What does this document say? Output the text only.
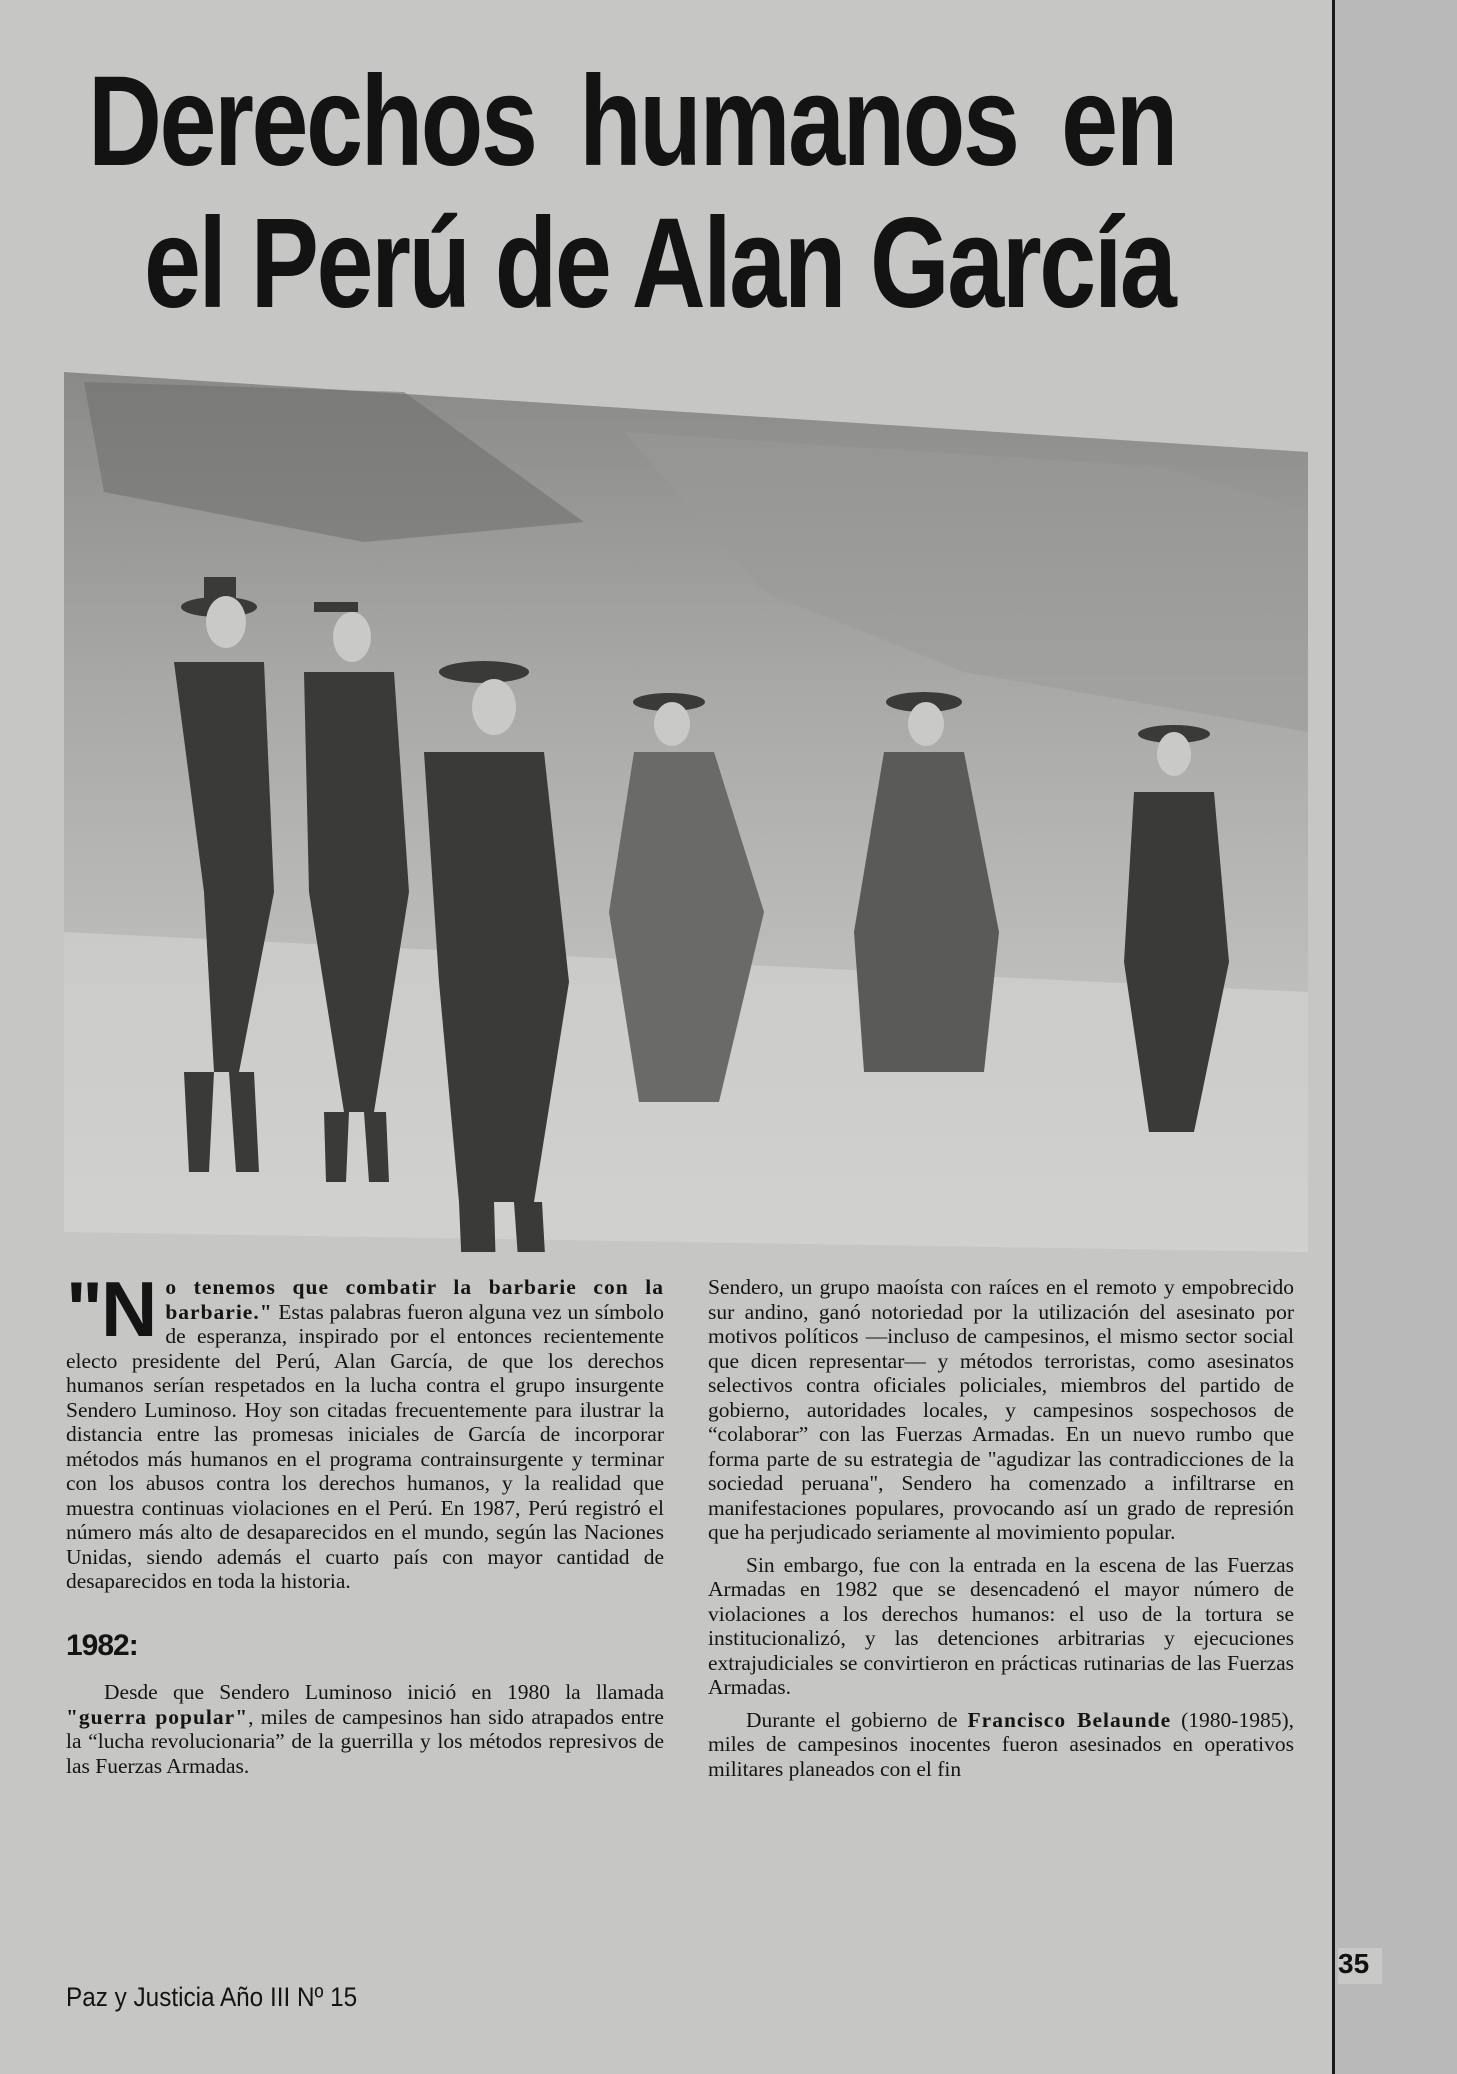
Derechos humanos en
el Perú de Alan García

"No tenemos que combatir la barbarie con la barbarie." Estas palabras fueron alguna vez un símbolo de esperanza, inspirado por el entonces recientemente electo presidente del Perú, Alan García, de que los derechos humanos serían respetados en la lucha contra el grupo insurgente Sendero Luminoso. Hoy son citadas frecuentemente para ilustrar la distancia entre las promesas iniciales de García de incorporar métodos más humanos en el programa contrainsurgente y terminar con los abusos contra los derechos humanos, y la realidad que muestra continuas violaciones en el Perú. En 1987, Perú registró el número más alto de desaparecidos en el mundo, según las Naciones Unidas, siendo además el cuarto país con mayor cantidad de desaparecidos en toda la historia.

1982:

Desde que Sendero Luminoso inició en 1980 la llamada "guerra popular", miles de campesinos han sido atrapados entre la “lucha revolucionaria” de la guerrilla y los métodos represivos de las Fuerzas Armadas.

Sendero, un grupo maoísta con raíces en el remoto y empobrecido sur andino, ganó notoriedad por la utilización del asesinato por motivos políticos —incluso de campesinos, el mismo sector social que dicen representar— y métodos terroristas, como asesinatos selectivos contra oficiales policiales, miembros del partido de gobierno, autoridades locales, y campesinos sospechosos de “colaborar” con las Fuerzas Armadas. En un nuevo rumbo que forma parte de su estrategia de "agudizar las contradicciones de la sociedad peruana", Sendero ha comenzado a infiltrarse en manifestaciones populares, provocando así un grado de represión que ha perjudicado seriamente al movimiento popular.

Sin embargo, fue con la entrada en la escena de las Fuerzas Armadas en 1982 que se desencadenó el mayor número de violaciones a los derechos humanos: el uso de la tortura se institucionalizó, y las detenciones arbitrarias y ejecuciones extrajudiciales se convirtieron en prácticas rutinarias de las Fuerzas Armadas.

Durante el gobierno de Francisco Belaunde (1980-1985), miles de campesinos inocentes fueron asesinados en operativos militares planeados con el fin

Paz y Justicia Año III Nº 15
35
